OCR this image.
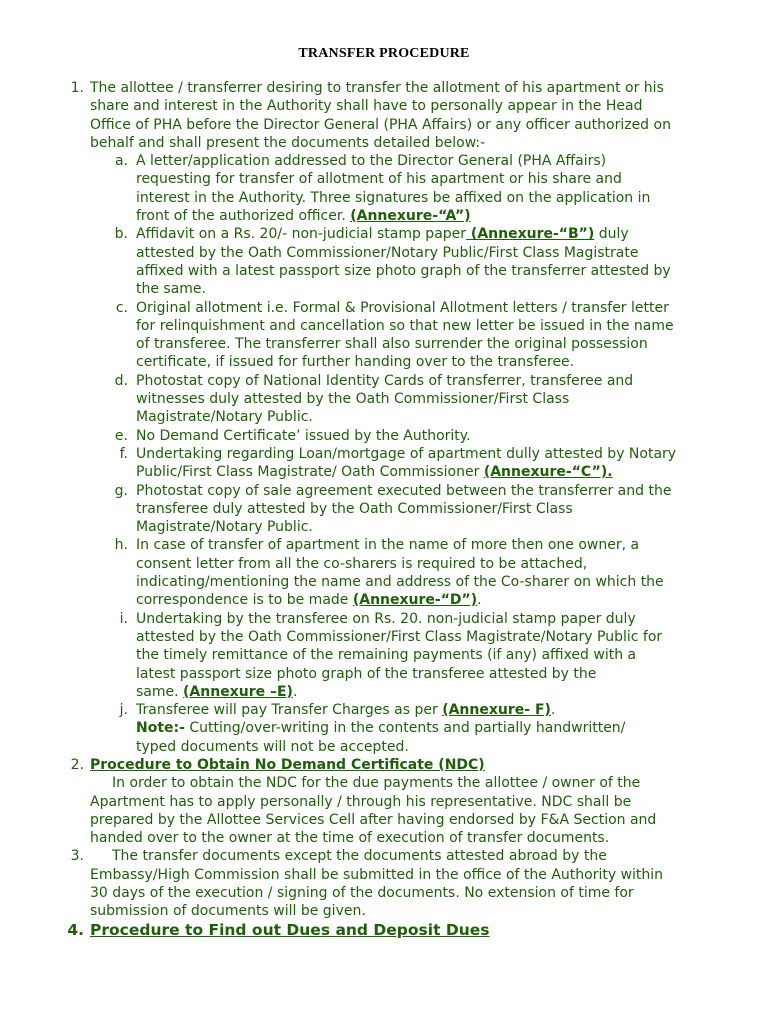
TRANSFER PROCEDURE
1. The allottee / transferrer desiring to transfer the allotment of his apartment or his
share and interest in the Authority shall have to personally appear in the Head
Office of PHA before the Director General (PHA Affairs) or any officer authorized on
behalf and shall present the documents detailed below:-
a. A letter/application addressed to the Director General (PHA Affairs)
requesting for transfer of allotment of his apartment or his share and
interest in the Authority. Three signatures be affixed on the application in
front of the authorized officer. (Annexure-“A”)
b. Affidavit on a Rs. 20/- non-judicial stamp paper (Annexure-“B”) duly
attested by the Oath Commissioner/Notary Public/First Class Magistrate
affixed with a latest passport size photo graph of the transferrer attested by
the same.
c. Original allotment i.e. Formal & Provisional Allotment letters / transfer letter
for relinquishment and cancellation so that new letter be issued in the name
of transferee. The transferrer shall also surrender the original possession
certificate, if issued for further handing over to the transferee.
d. Photostat copy of National Identity Cards of transferrer, transferee and
witnesses duly attested by the Oath Commissioner/First Class
Magistrate/Notary Public.
e. No Demand Certificate’ issued by the Authority.
f. Undertaking regarding Loan/mortgage of apartment dully attested by Notary
Public/First Class Magistrate/ Oath Commissioner (Annexure-“C”).
g. Photostat copy of sale agreement executed between the transferrer and the
transferee duly attested by the Oath Commissioner/First Class
Magistrate/Notary Public.
h. In case of transfer of apartment in the name of more then one owner, a
consent letter from all the co-sharers is required to be attached,
indicating/mentioning the name and address of the Co-sharer on which the
correspondence is to be made (Annexure-“D”).
i. Undertaking by the transferee on Rs. 20. non-judicial stamp paper duly
attested by the Oath Commissioner/First Class Magistrate/Notary Public for
the timely remittance of the remaining payments (if any) affixed with a
latest passport size photo graph of the transferee attested by the
same. (Annexure –E).
j. Transferee will pay Transfer Charges as per (Annexure- F).
Note:- Cutting/over-writing in the contents and partially handwritten/
typed documents will not be accepted.
2. Procedure to Obtain No Demand Certificate (NDC)
In order to obtain the NDC for the due payments the allottee / owner of the
Apartment has to apply personally / through his representative. NDC shall be
prepared by the Allottee Services Cell after having endorsed by F&A Section and
handed over to the owner at the time of execution of transfer documents.
3.	The transfer documents except the documents attested abroad by the
Embassy/High Commission shall be submitted in the office of the Authority within
30 days of the execution / signing of the documents. No extension of time for
submission of documents will be given.
4. Procedure to Find out Dues and Deposit Dues
